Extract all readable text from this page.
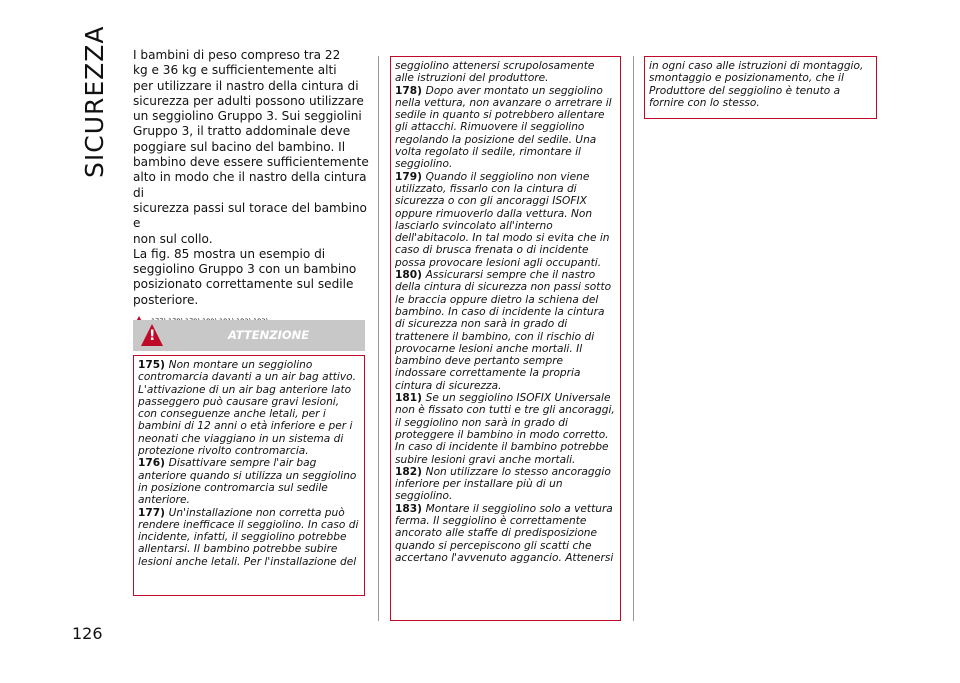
SICUREZZA I bambini di peso compreso tra 22
kg e 36 kg e sufficientemente alti
per utilizzare il nastro della cintura di
sicurezza per adulti possono utilizzare
un seggiolino Gruppo 3. Sui seggiolini
Gruppo 3, il tratto addominale deve
poggiare sul bacino del bambino. Il
bambino deve essere sufficientemente
alto in modo che il nastro della cintura di
sicurezza passi sul torace del bambino e
non sul collo.
La fig. 85 mostra un esempio di
seggiolino Gruppo 3 con un bambino
posizionato correttamente sul sedile
posteriore.
!
!	ATTENZIONE

175) Non montare un seggiolino contromarcia davanti a un air bag attivo. L'attivazione di un air bag anteriore lato passeggero può causare gravi lesioni, con conseguenze anche letali, per i bambini di 12 anni o età inferiore e per i neonati che viaggiano in un sistema di protezione rivolto contromarcia.

176) Disattivare sempre l'air bag anteriore quando si utilizza un seggiolino in posizione contromarcia sul sedile anteriore.

177) Un'installazione non corretta può rendere inefficace il seggiolino. In caso di incidente, infatti, il seggiolino potrebbe allentarsi. Il bambino potrebbe subire lesioni anche letali. Per l'installazione del

seggiolino attenersi scrupolosamente alle istruzioni del produttore.

178) Dopo aver montato un seggiolino nella vettura, non avanzare o arretrare il sedile in quanto si potrebbero allentare gli attacchi. Rimuovere il seggiolino regolando la posizione del sedile. Una volta regolato il sedile, rimontare il seggiolino.

179) Quando il seggiolino non viene utilizzato, fissarlo con la cintura di sicurezza o con gli ancoraggi ISOFIX oppure rimuoverlo dalla vettura. Non lasciarlo svincolato all'interno dell'abitacolo. In tal modo si evita che in caso di brusca frenata o di incidente possa provocare lesioni agli occupanti.

180) Assicurarsi sempre che il nastro della cintura di sicurezza non passi sotto le braccia oppure dietro la schiena del bambino. In caso di incidente la cintura di sicurezza non sarà in grado di trattenere il bambino, con il rischio di provocarne lesioni anche mortali. Il bambino deve pertanto sempre indossare correttamente la propria cintura di sicurezza.

181) Se un seggiolino ISOFIX Universale non è fissato con tutti e tre gli ancoraggi, il seggiolino non sarà in grado di proteggere il bambino in modo corretto. In caso di incidente il bambino potrebbe subire lesioni gravi anche mortali.

182) Non utilizzare lo stesso ancoraggio inferiore per installare più di un seggiolino.

183) Montare il seggiolino solo a vettura ferma. Il seggiolino è correttamente ancorato alle staffe di predisposizione quando si percepiscono gli scatti che accertano l'avvenuto aggancio. Attenersi

in ogni caso alle istruzioni di montaggio, smontaggio e posizionamento, che il Produttore del seggiolino è tenuto a fornire con lo stesso.

126
